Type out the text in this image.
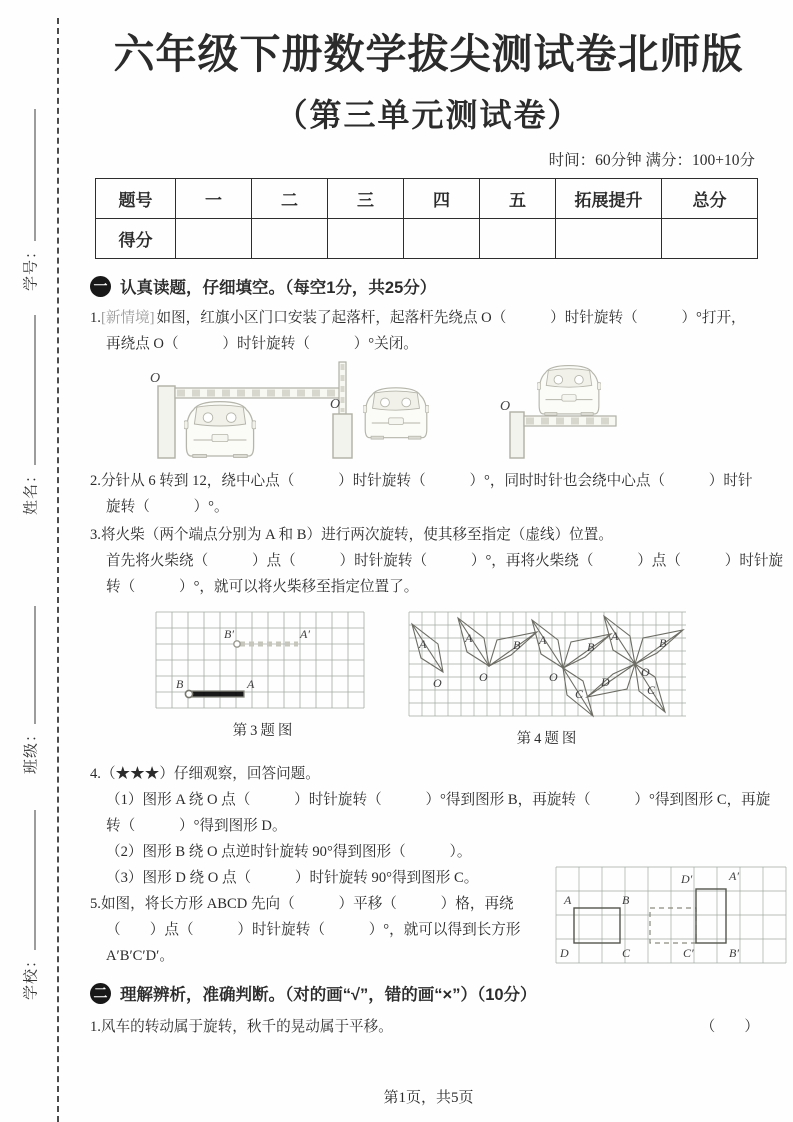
学号：
姓名：
班级：
学校：
六年级下册数学拔尖测试卷北师版
（第三单元测试卷）
时间：60分钟 满分：100+10分
题号	一	二	三	四	五	拓展提升	总分
得分							
一 认真读题，仔细填空。（每空1分，共25分）
1.[新情境] 如图，红旗小区门口安装了起落杆，起落杆先绕点 O（　　　）时针旋转（　　　）°打开，
再绕点 O（　　　）时针旋转（　　　）°关闭。
O
O	O
2.分针从 6 转到 12，绕中心点（　　　）时针旋转（　　　）°，同时时针也会绕中心点（　　　）时针
旋转（　　　）°。
3.将火柴（两个端点分别为 A 和 B）进行两次旋转，使其移至指定（虚线）位置。
首先将火柴绕（　　　）点（　　　）时针旋转（　　　）°，再将火柴绕（　　　）点（　　　）时针旋
转（　　　）°，就可以将火柴移至指定位置了。
B′	A′
B	A
第3题图
A
O
A	B
O
A	B
C
O
A	B
C
D
O
第4题图
4.（★★★）仔细观察，回答问题。
（1）图形 A 绕 O 点（　　　）时针旋转（　　　）°得到图形 B，再旋转（　　　）°得到图形 C，再旋
转（　　　）°得到图形 D。
（2）图形 B 绕 O 点逆时针旋转 90°得到图形（　　　）。
（3）图形 D 绕 O 点（　　　）时针旋转 90°得到图形 C。
5.如图，将长方形 ABCD 先向（　　　）平移（　　　）格，再绕
（　　）点（　　　）时针旋转（　　　）°，就可以得到长方形
A′B′C′D′。
A	B
D	C
D′	A′
C′	B′
二 理解辨析，准确判断。（对的画“√”，错的画“×”）（10分）
1.风车的转动属于旋转，秋千的晃动属于平移。	（　　）
第1页，共5页
